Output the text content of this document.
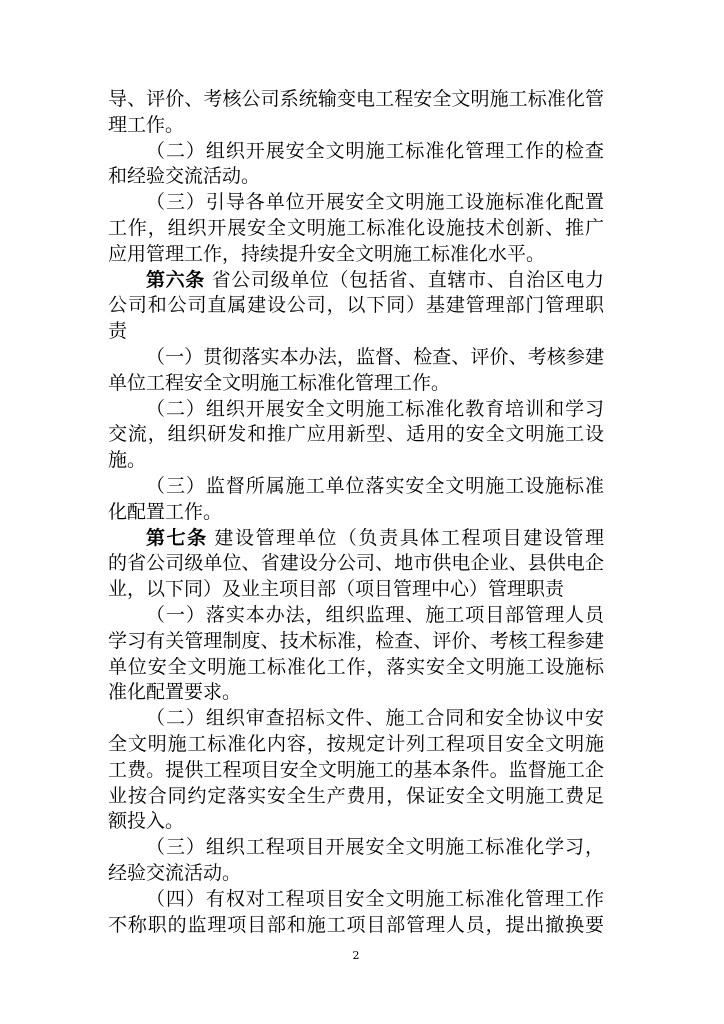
导、评价、考核公司系统输变电工程安全文明施工标准化管
理工作。
（二）组织开展安全文明施工标准化管理工作的检查
和经验交流活动。
（三）引导各单位开展安全文明施工设施标准化配置
工作，组织开展安全文明施工标准化设施技术创新、推广
应用管理工作，持续提升安全文明施工标准化水平。
第六条 省公司级单位（包括省、直辖市、自治区电力
公司和公司直属建设公司，以下同）基建管理部门管理职
责
（一）贯彻落实本办法，监督、检查、评价、考核参建
单位工程安全文明施工标准化管理工作。
（二）组织开展安全文明施工标准化教育培训和学习
交流，组织研发和推广应用新型、适用的安全文明施工设
施。
（三）监督所属施工单位落实安全文明施工设施标准
化配置工作。
第七条 建设管理单位（负责具体工程项目建设管理
的省公司级单位、省建设分公司、地市供电企业、县供电企
业，以下同）及业主项目部（项目管理中心）管理职责
（一）落实本办法，组织监理、施工项目部管理人员
学习有关管理制度、技术标准，检查、评价、考核工程参建
单位安全文明施工标准化工作，落实安全文明施工设施标
准化配置要求。
（二）组织审查招标文件、施工合同和安全协议中安
全文明施工标准化内容，按规定计列工程项目安全文明施
工费。提供工程项目安全文明施工的基本条件。监督施工企
业按合同约定落实安全生产费用，保证安全文明施工费足
额投入。
（三）组织工程项目开展安全文明施工标准化学习，
经验交流活动。
（四）有权对工程项目安全文明施工标准化管理工作
不称职的监理项目部和施工项目部管理人员，提出撤换要
2
